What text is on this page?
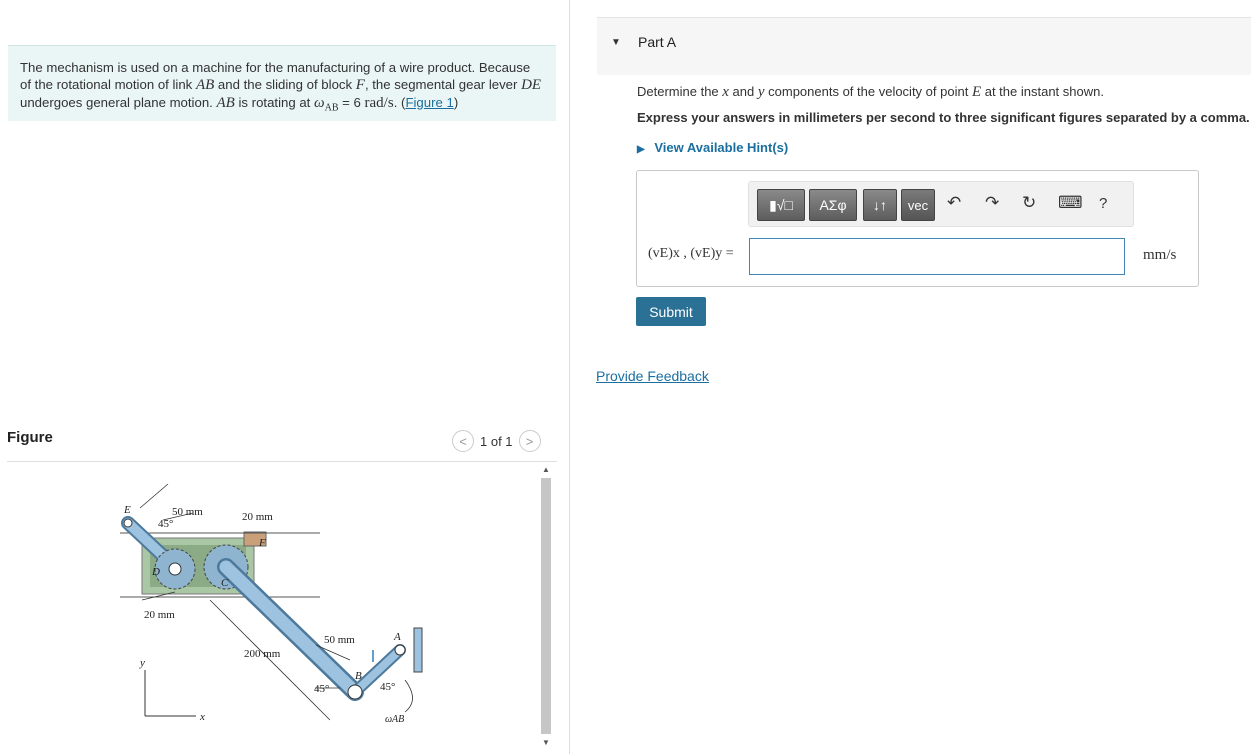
The mechanism is used on a machine for the manufacturing of a wire product. Because of the rotational motion of link AB and the sliding of block F, the segmental gear lever DE undergoes general plane motion. AB is rotating at $\omega_{AB} = 6$ rad/s. (Figure 1)
Figure	<	1 of 1	>
E
D
F
C
A
B
50 mm	20 mm
20 mm
200 mm
50 mm
45°
45°	45°
y
x	ωAB
▲
▼
▼ Part A
Determine the x and y components of the velocity of point E at the instant shown.
Express your answers in millimeters per second to three significant figures separated by a comma.
▶ View Available Hint(s)
▮√□	ΑΣφ	↓↑	vec	↶ ↷ ↻ ⌨ ?
(vE)x , (vE)y =	mm/s
Submit
Provide Feedback
